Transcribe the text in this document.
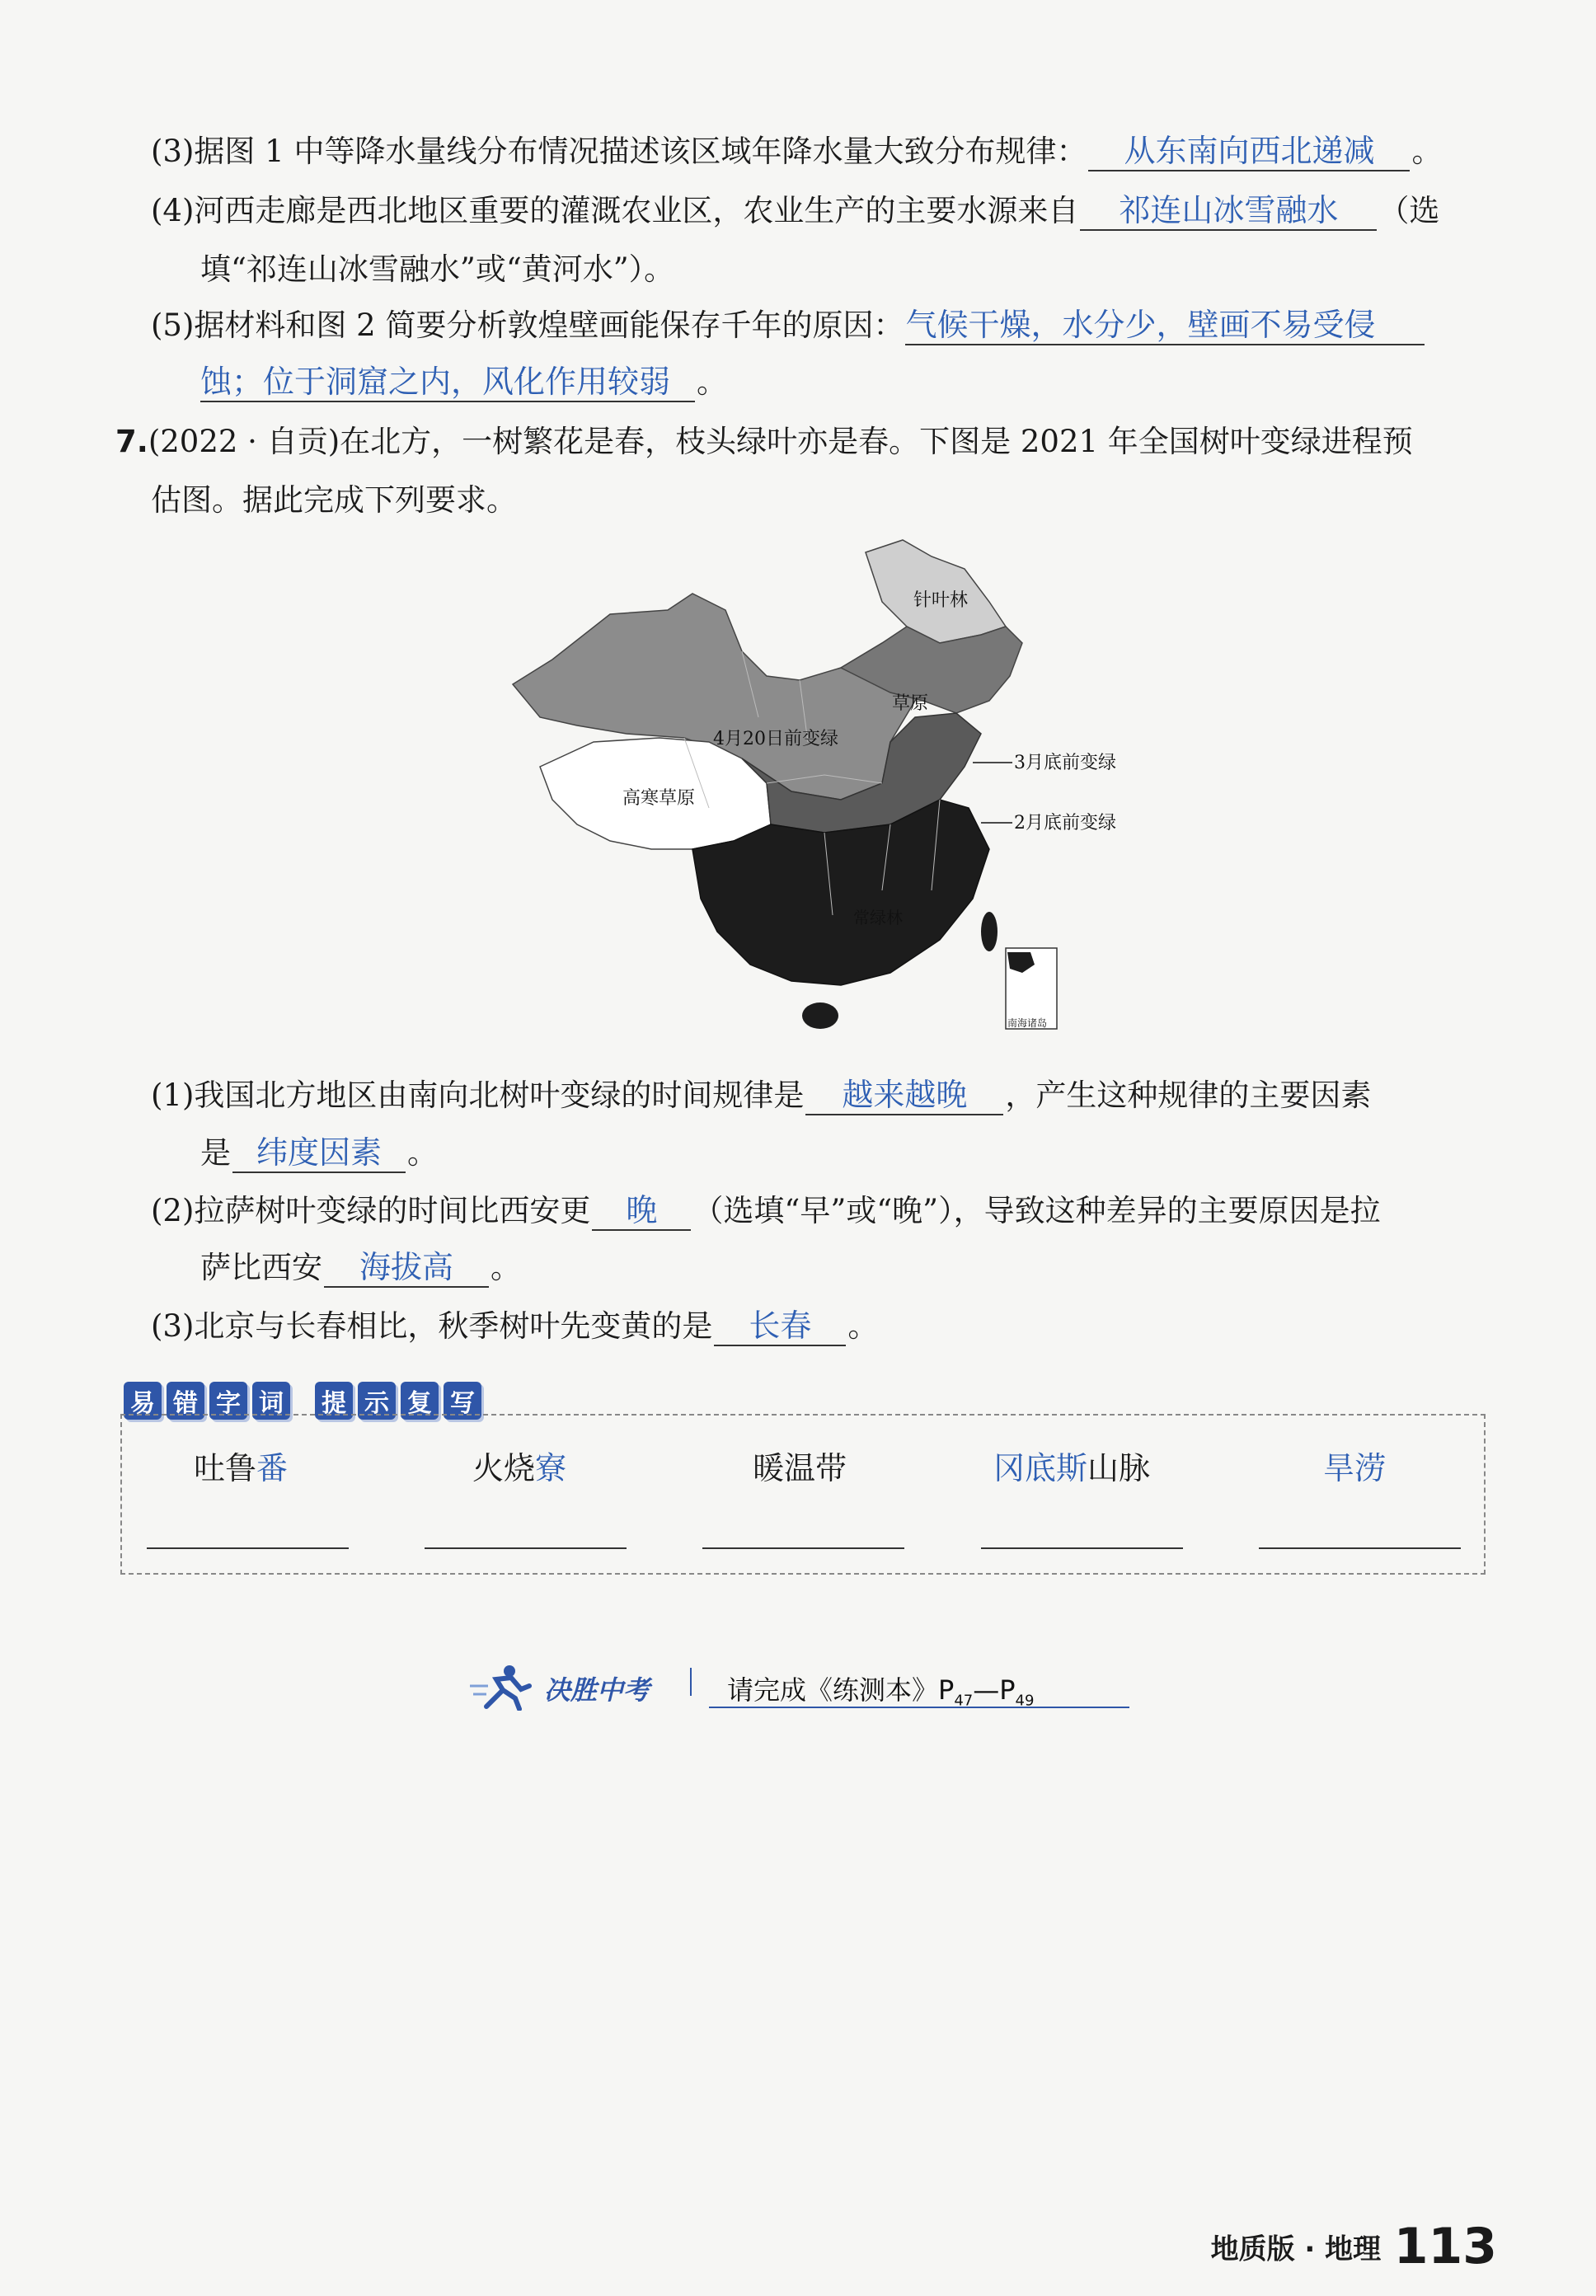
(3)据图 1 中等降水量线分布情况描述该区域年降水量大致分布规律： 从东南向西北递减 。
(4)河西走廊是西北地区重要的灌溉农业区，农业生产的主要水源来自 祁连山冰雪融水 （选
填“祁连山冰雪融水”或“黄河水”）。
(5)据材料和图 2 简要分析敦煌壁画能保存千年的原因：气候干燥，水分少，壁画不易受侵
蚀；位于洞窟之内，风化作用较弱 。
7.(2022 · 自贡)在北方，一树繁花是春，枝头绿叶亦是春。下图是 2021 年全国树叶变绿进程预
估图。据此完成下列要求。
针叶林
草原
4月20日前变绿
3月底前变绿
2月底前变绿
高寒草原
常绿林
南海诸岛
(1)我国北方地区由南向北树叶变绿的时间规律是 越来越晚 ，产生这种规律的主要因素
是 纬度因素 。
(2)拉萨树叶变绿的时间比西安更 晚 （选填“早”或“晚”），导致这种差异的主要原因是拉
萨比西安 海拔高 。
(3)北京与长春相比，秋季树叶先变黄的是 长春 。
易 错 字 词 提 示 复 写
吐鲁番	火烧寮	暖温带	冈底斯山脉	旱涝
决胜中考	请完成《练测本》$P_{47}—P_{49}$
地质版 · 地理 113
